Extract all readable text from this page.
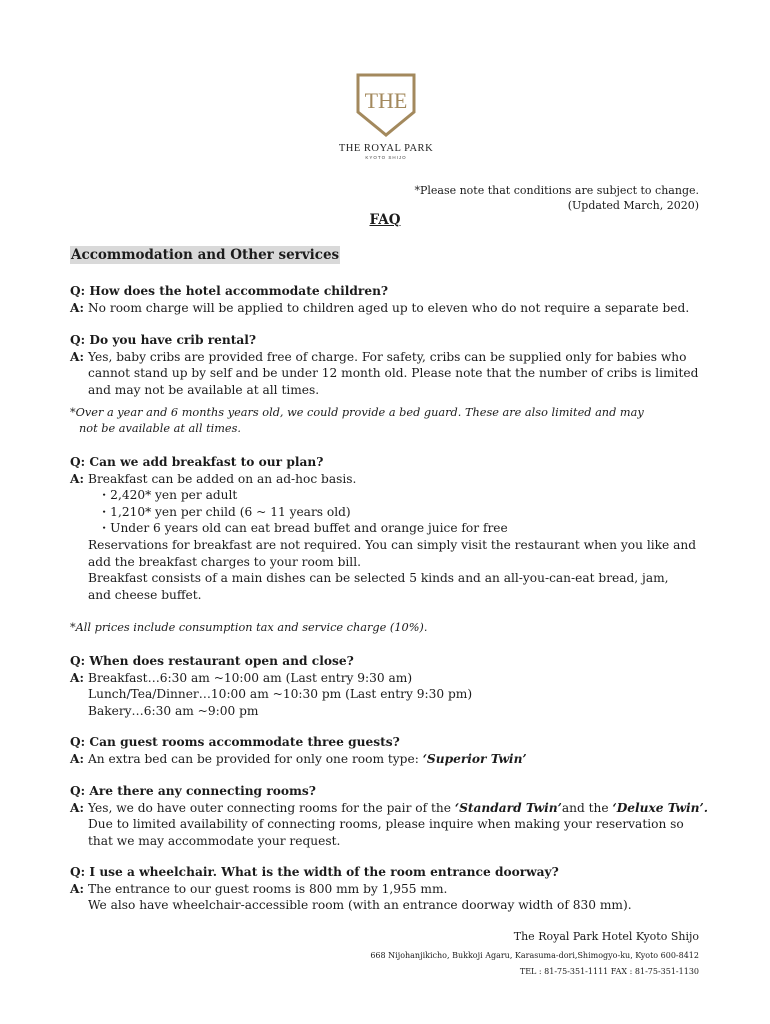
THE
THE ROYAL PARK
KYOTO SHIJO
*Please note that conditions are subject to change.
(Updated March, 2020)
FAQ
Accommodation and Other services
Q: How does the hotel accommodate children?
A: No room charge will be applied to children aged up to eleven who do not require a separate bed.
Q: Do you have crib rental?
A: Yes, baby cribs are provided free of charge. For safety, cribs can be supplied only for babies who
cannot stand up by self and be under 12 month old. Please note that the number of cribs is limited
and may not be available at all times.
*Over a year and 6 months years old, we could provide a bed guard. These are also limited and may
not be available at all times.
Q: Can we add breakfast to our plan?
A: Breakfast can be added on an ad-hoc basis.
・2,420* yen per adult
・1,210* yen per child (6 ~ 11 years old)
・Under 6 years old can eat bread buffet and orange juice for free
Reservations for breakfast are not required. You can simply visit the restaurant when you like and
add the breakfast charges to your room bill.
Breakfast consists of a main dishes can be selected 5 kinds and an all-you-can-eat bread, jam,
and cheese buffet.
*All prices include consumption tax and service charge (10%).
Q: When does restaurant open and close?
A: Breakfast…6:30 am ~10:00 am (Last entry 9:30 am)
Lunch/Tea/Dinner…10:00 am ~10:30 pm (Last entry 9:30 pm)
Bakery…6:30 am ~9:00 pm
Q: Can guest rooms accommodate three guests?
A: An extra bed can be provided for only one room type: ‘Superior Twin’
Q: Are there any connecting rooms?
A: Yes, we do have outer connecting rooms for the pair of the ‘Standard Twin’and the ‘Deluxe Twin’.
Due to limited availability of connecting rooms, please inquire when making your reservation so
that we may accommodate your request.
Q: I use a wheelchair. What is the width of the room entrance doorway?
A: The entrance to our guest rooms is 800 mm by 1,955 mm.
We also have wheelchair-accessible room (with an entrance doorway width of 830 mm).
The Royal Park Hotel Kyoto Shijo
668 Nijohanjikicho, Bukkoji Agaru, Karasuma-dori,Shimogyo-ku, Kyoto 600-8412
TEL : 81-75-351-1111 FAX : 81-75-351-1130
